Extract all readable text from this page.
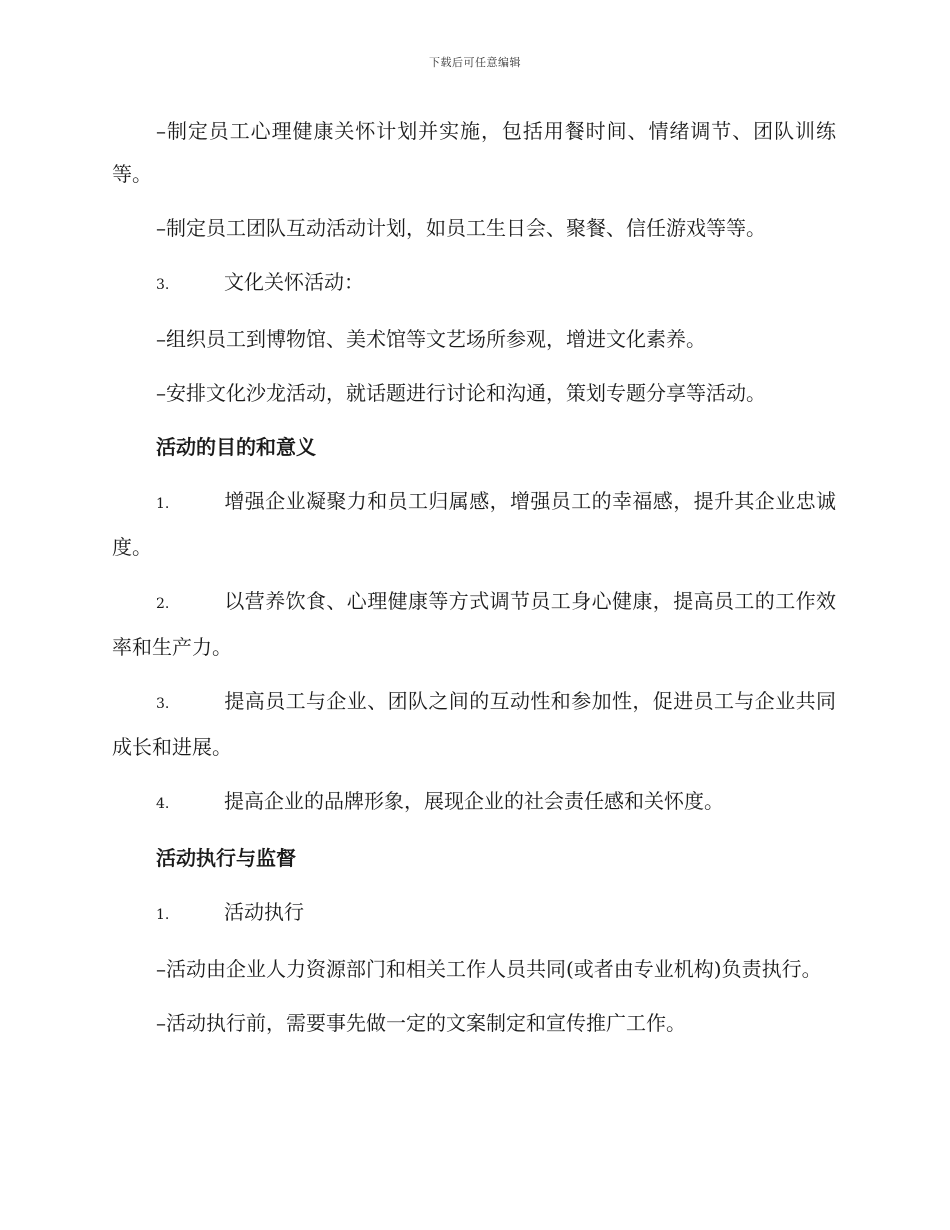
下载后可任意编辑

–制定员工心理健康关怀计划并实施，包括用餐时间、情绪调节、团队训练等。

–制定员工团队互动活动计划，如员工生日会、聚餐、信任游戏等等。

3.	文化关怀活动：

–组织员工到博物馆、美术馆等文艺场所参观，增进文化素养。

–安排文化沙龙活动，就话题进行讨论和沟通，策划专题分享等活动。

活动的目的和意义

1.	增强企业凝聚力和员工归属感，增强员工的幸福感，提升其企业忠诚度。

2.	以营养饮食、心理健康等方式调节员工身心健康，提高员工的工作效率和生产力。

3.	提高员工与企业、团队之间的互动性和参加性，促进员工与企业共同成长和进展。

4.	提高企业的品牌形象，展现企业的社会责任感和关怀度。

活动执行与监督

1.	活动执行

–活动由企业人力资源部门和相关工作人员共同(或者由专业机构)负责执行。

–活动执行前，需要事先做一定的文案制定和宣传推广工作。
